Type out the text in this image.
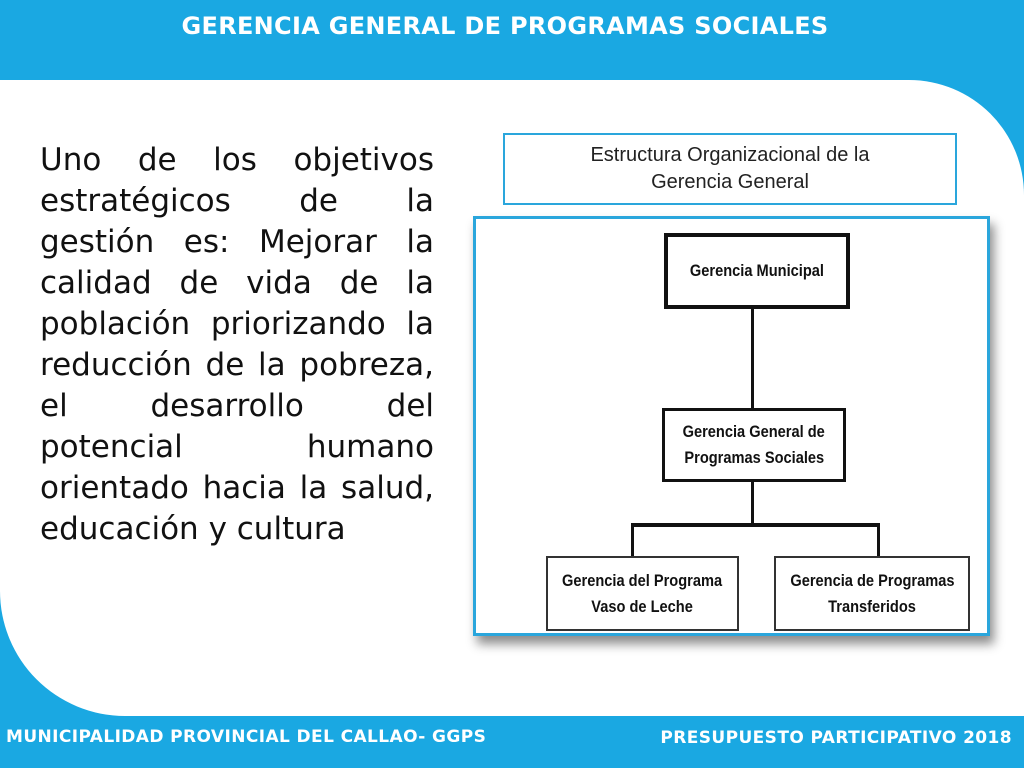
GERENCIA GENERAL DE PROGRAMAS SOCIALES
Uno de los objetivos estratégicos de la gestión es: Mejorar la calidad de vida de la población priorizando la reducción de la pobreza, el desarrollo del potencial humano orientado hacia la salud, educación y cultura
Estructura Organizacional de la Gerencia General
Gerencia Municipal
Gerencia General de
Programas Sociales
Gerencia del Programa
Vaso de Leche
Gerencia de Programas
Transferidos
MUNICIPALIDAD PROVINCIAL DEL CALLAO- GGPS	PRESUPUESTO PARTICIPATIVO 2018
